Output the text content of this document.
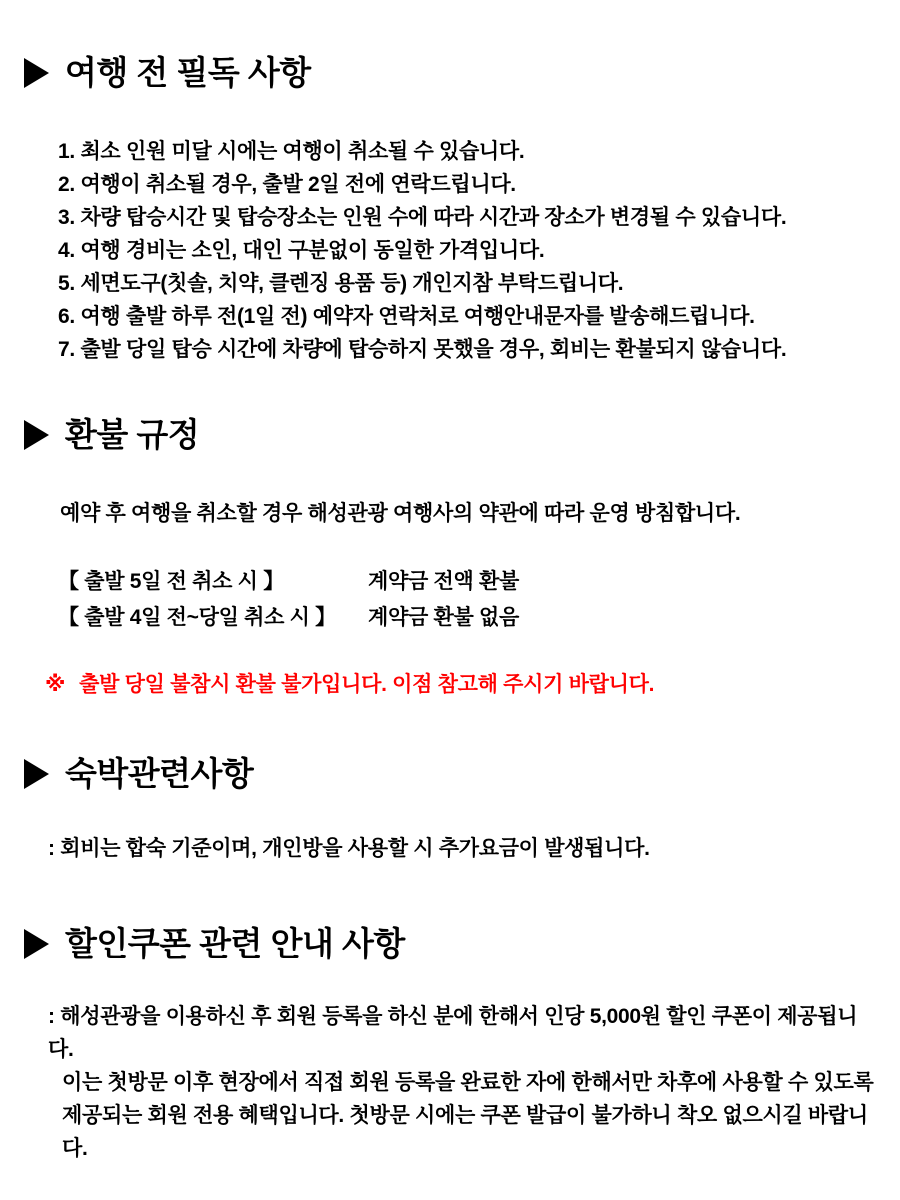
여행 전 필독 사항
1. 최소 인원 미달 시에는 여행이 취소될 수 있습니다.
2. 여행이 취소될 경우, 출발 2일 전에 연락드립니다.
3. 차량 탑승시간 및 탑승장소는 인원 수에 따라 시간과 장소가 변경될 수 있습니다.
4. 여행 경비는 소인, 대인 구분없이 동일한 가격입니다.
5. 세면도구(칫솔, 치약, 클렌징 용품 등) 개인지참 부탁드립니다.
6. 여행 출발 하루 전(1일 전) 예약자 연락처로 여행안내문자를 발송해드립니다.
7. 출발 당일 탑승 시간에 차량에 탑승하지 못했을 경우, 회비는 환불되지 않습니다.
환불 규정
예약 후 여행을 취소할 경우 해성관광 여행사의 약관에 따라 운영 방침합니다.
【 출발 5일 전 취소 시 】	계약금 전액 환불
【 출발 4일 전~당일 취소 시 】	계약금 환불 없음
※ 출발 당일 불참시 환불 불가입니다. 이점 참고해 주시기 바랍니다.
숙박관련사항
: 회비는 합숙 기준이며, 개인방을 사용할 시 추가요금이 발생됩니다.
할인쿠폰 관련 안내 사항
: 해성관광을 이용하신 후 회원 등록을 하신 분에 한해서 인당 5,000원 할인 쿠폰이 제공됩니다.
이는 첫방문 이후 현장에서 직접 회원 등록을 완료한 자에 한해서만 차후에 사용할 수 있도록
제공되는 회원 전용 혜택입니다. 첫방문 시에는 쿠폰 발급이 불가하니 착오 없으시길 바랍니다.
